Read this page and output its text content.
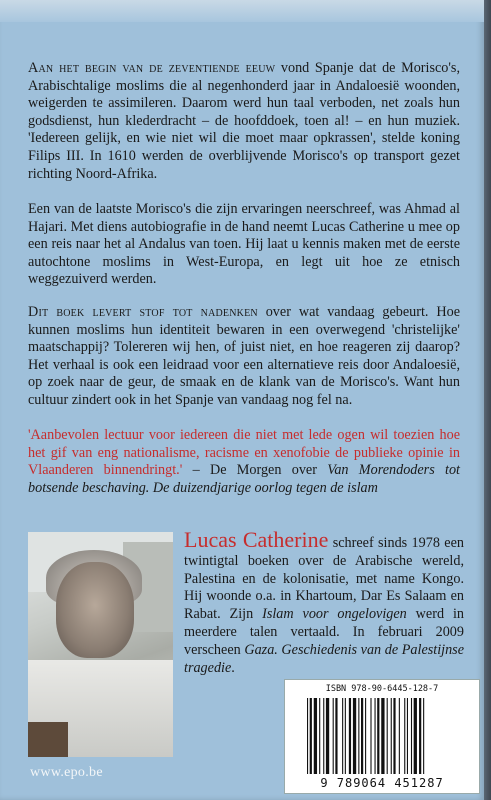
Aan het begin van de zeventiende eeuw vond Spanje dat de Morisco's, Arabischtalige moslims die al negenhonderd jaar in Andaloesië woonden, weigerden te assimileren. Daarom werd hun taal verboden, net zoals hun godsdienst, hun klederdracht – de hoofddoek, toen al! – en hun muziek. 'Iedereen gelijk, en wie niet wil die moet maar opkrassen', stelde koning Filips III. In 1610 werden de overblijvende Morisco's op transport gezet richting Noord-Afrika.

Een van de laatste Morisco's die zijn ervaringen neerschreef, was Ahmad al Hajari. Met diens autobiografie in de hand neemt Lucas Catherine u mee op een reis naar het al Andalus van toen. Hij laat u kennis maken met de eerste autochtone moslims in West-Europa, en legt uit hoe ze etnisch weggezuiverd werden.

Dit boek levert stof tot nadenken over wat vandaag gebeurt. Hoe kunnen moslims hun identiteit bewaren in een overwegend 'christelijke' maatschappij? Tolereren wij hen, of juist niet, en hoe reageren zij daarop? Het verhaal is ook een leidraad voor een alternatieve reis door Andaloesië, op zoek naar de geur, de smaak en de klank van de Morisco's. Want hun cultuur zindert ook in het Spanje van vandaag nog fel na.

'Aanbevolen lectuur voor iedereen die niet met lede ogen wil toezien hoe het gif van eng nationalisme, racisme en xenofobie de publieke opinie in Vlaanderen binnendringt.' – De Morgen over Van Morendoders tot botsende beschaving. De duizendjarige oorlog tegen de islam

Lucas Catherine schreef sinds 1978 een twintigtal boeken over de Arabische wereld, Palestina en de kolonisatie, met name Kongo. Hij woonde o.a. in Khartoum, Dar Es Salaam en Rabat. Zijn Islam voor ongelovigen werd in meerdere talen vertaald. In februari 2009 verscheen Gaza. Geschiedenis van de Palestijnse tragedie.

www.epo.be
ISBN 978-90-6445-128-7
9 789064 451287
